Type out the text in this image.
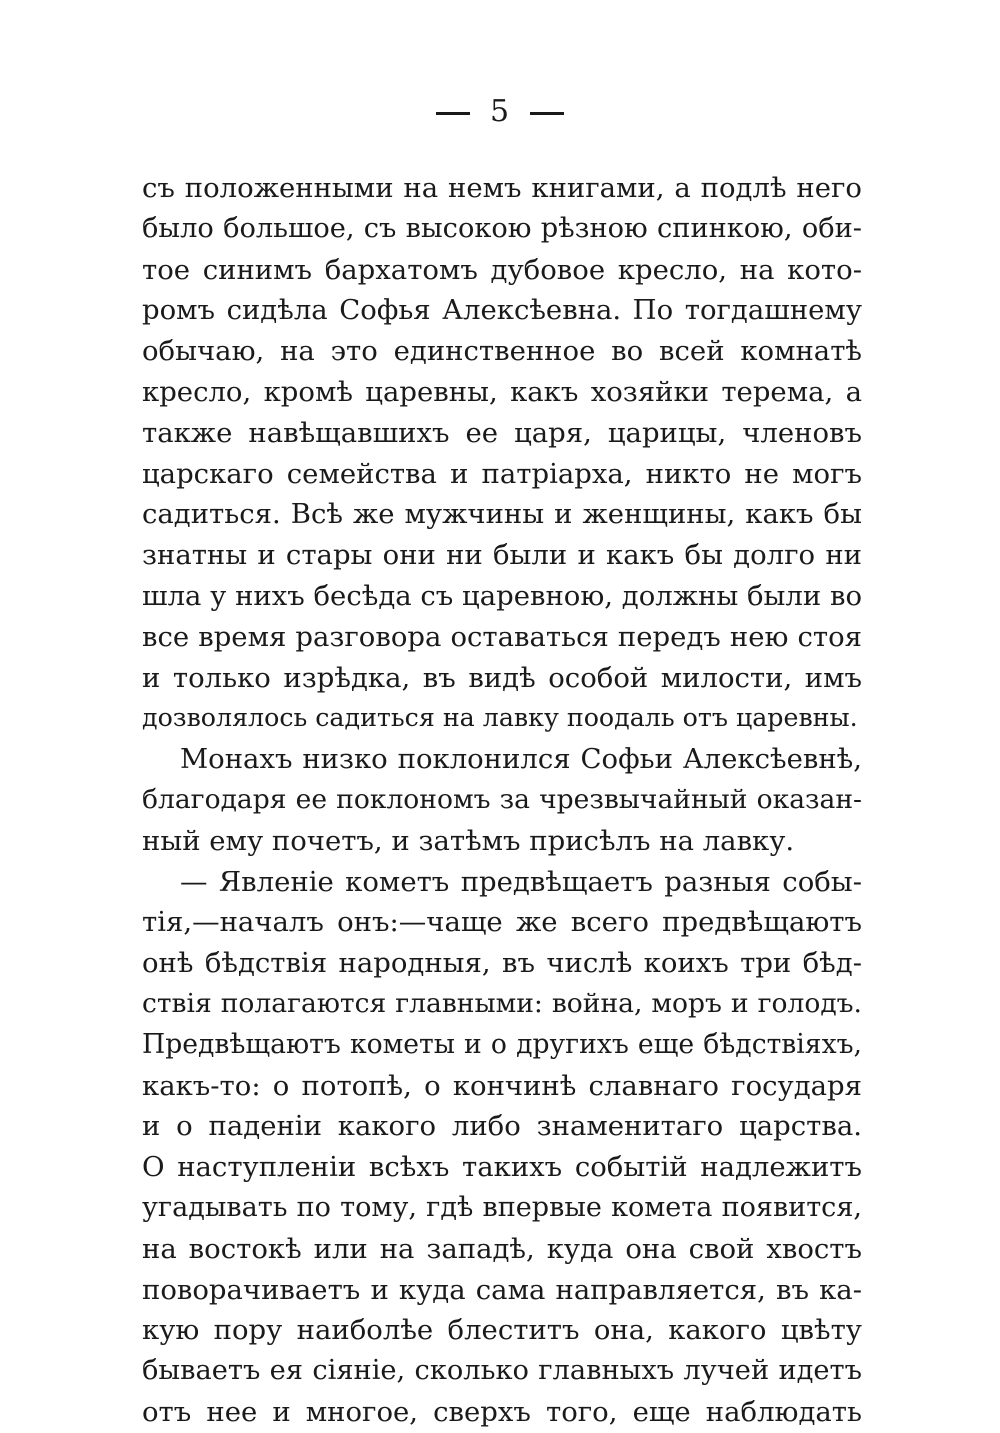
5
съ положенными на немъ книгами, а подлѣ него
было большое, съ высокою рѣзною спинкою, оби-
тое синимъ бархатомъ дубовое кресло, на кото-
ромъ сидѣла Софья Алексѣевна. По тогдашнему
обычаю, на это единственное во всей комнатѣ
кресло, кромѣ царевны, какъ хозяйки терема, а
также навѣщавшихъ ее царя, царицы, членовъ
царскаго семейства и патріарха, никто не могъ
садиться. Всѣ же мужчины и женщины, какъ бы
знатны и стары они ни были и какъ бы долго ни
шла у нихъ бесѣда съ царевною, должны были во
все время разговора оставаться передъ нею стоя
и только изрѣдка, въ видѣ особой милости, имъ
дозволялось садиться на лавку поодаль отъ царевны.
Монахъ низко поклонился Софьи Алексѣевнѣ,
благодаря ее поклономъ за чрезвычайный оказан-
ный ему почетъ, и затѣмъ присѣлъ на лавку.
— Явленіе кометъ предвѣщаетъ разныя собы-
тія,—началъ онъ:—чаще же всего предвѣщаютъ
онѣ бѣдствія народныя, въ числѣ коихъ три бѣд-
ствія полагаются главными: война, моръ и голодъ.
Предвѣщаютъ кометы и о другихъ еще бѣдствіяхъ,
какъ-то: о потопѣ, о кончинѣ славнаго государя
и о паденіи какого либо знаменитаго царства.
О наступленіи всѣхъ такихъ событій надлежитъ
угадывать по тому, гдѣ впервые комета появится,
на востокѣ или на западѣ, куда она свой хвостъ
поворачиваетъ и куда сама направляется, въ ка-
кую пору наиболѣе блеститъ она, какого цвѣту
бываетъ ея сіяніе, сколько главныхъ лучей идетъ
отъ нее и многое, сверхъ того, еще наблюдать
